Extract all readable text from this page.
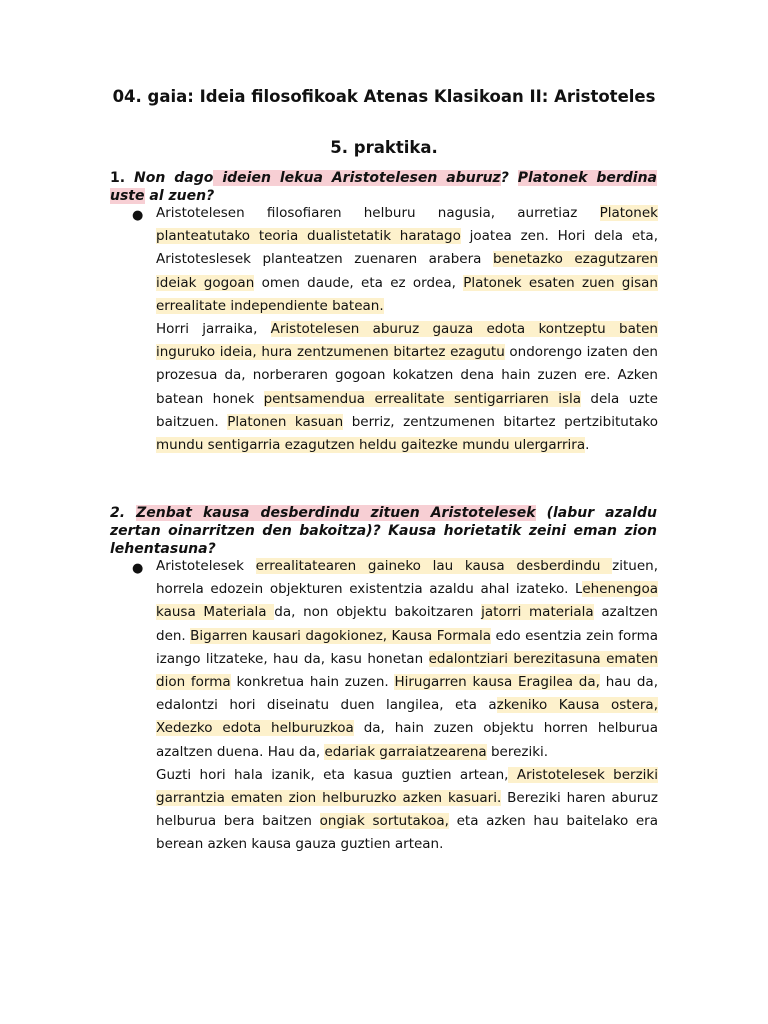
04. gaia: Ideia filosofikoak Atenas Klasikoan II: Aristoteles
5. praktika.
1. Non dago ideien lekua Aristotelesen aburuz? Platonek berdina uste al zuen?
● Aristotelesen filosofiaren helburu nagusia, aurretiaz Platonek planteatutako teoria dualistetatik haratago joatea zen. Hori dela eta, Aristoteslesek planteatzen zuenaren arabera benetazko ezagutzaren ideiak gogoan omen daude, eta ez ordea, Platonek esaten zuen gisan errealitate independiente batean.

Horri jarraika, Aristotelesen aburuz gauza edota kontzeptu baten inguruko ideia, hura zentzumenen bitartez ezagutu ondorengo izaten den prozesua da, norberaren gogoan kokatzen dena hain zuzen ere. Azken batean honek pentsamendua errealitate sentigarriaren isla dela uzte baitzuen. Platonen kasuan berriz, zentzumenen bitartez pertzibitutako mundu sentigarria ezagutzen heldu gaitezke mundu ulergarrira.

2. Zenbat kausa desberdindu zituen Aristotelesek (labur azaldu zertan oinarritzen den bakoitza)? Kausa horietatik zeini eman zion lehentasuna?
● Aristotelesek errealitatearen gaineko lau kausa desberdindu zituen, horrela edozein objekturen existentzia azaldu ahal izateko. Lehenengoa kausa Materiala da, non objektu bakoitzaren jatorri materiala azaltzen den. Bigarren kausari dagokionez, Kausa Formala edo esentzia zein forma izango litzateke, hau da, kasu honetan edalontziari berezitasuna ematen dion forma konkretua hain zuzen. Hirugarren kausa Eragilea da, hau da, edalontzi hori diseinatu duen langilea, eta azkeniko Kausa ostera, Xedezko edota helburuzkoa da, hain zuzen objektu horren helburua azaltzen duena. Hau da, edariak garraiatzearena bereziki.

Guzti hori hala izanik, eta kasua guztien artean, Aristotelesek berziki garrantzia ematen zion helburuzko azken kasuari. Bereziki haren aburuz helburua bera baitzen ongiak sortutakoa, eta azken hau baitelako era berean azken kausa gauza guztien artean.
